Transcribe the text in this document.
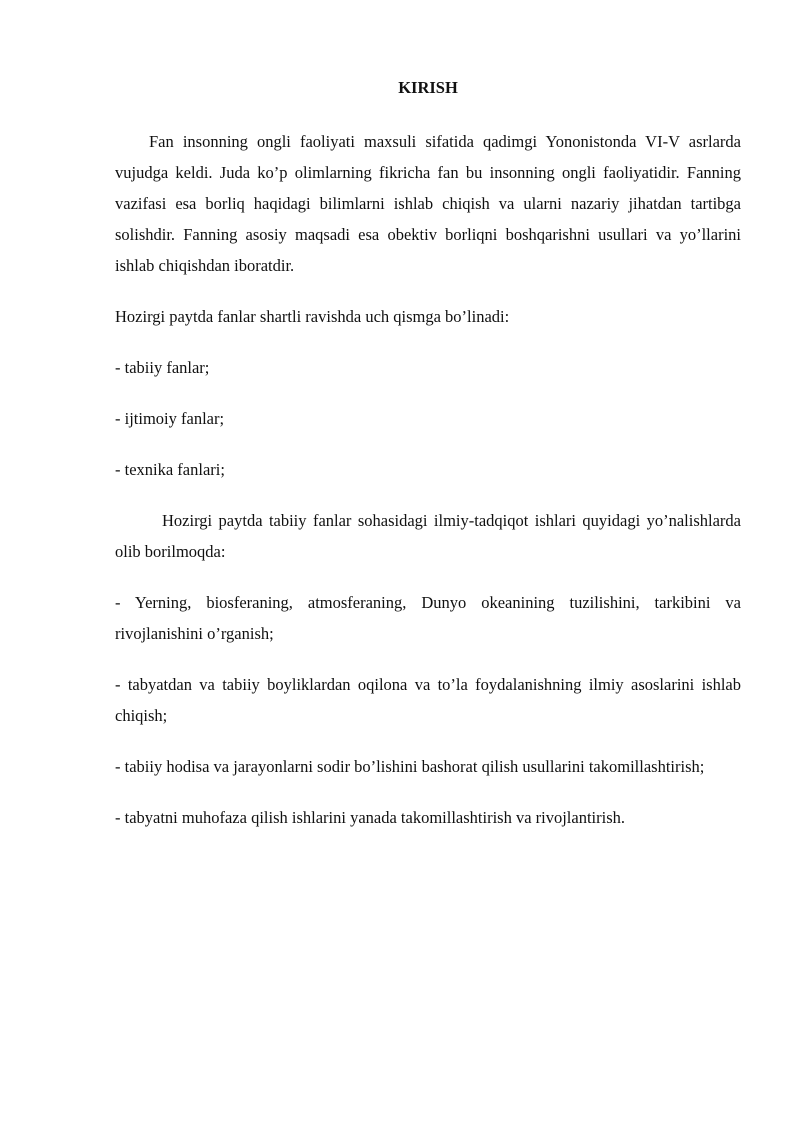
KIRISH

Fan insonning ongli faoliyati maxsuli sifatida qadimgi Yononistonda VI-V asrlarda vujudga keldi. Juda ko’p olimlarning fikricha fan bu insonning ongli faoliyatidir. Fanning vazifasi esa borliq haqidagi bilimlarni ishlab chiqish va ularni nazariy jihatdan tartibga solishdir. Fanning asosiy maqsadi esa obektiv borliqni boshqarishni usullari va yo’llarini ishlab chiqishdan iboratdir.

Hozirgi paytda fanlar shartli ravishda uch qismga bo’linadi:

- tabiiy fanlar;

- ijtimoiy fanlar;

- texnika fanlari;

Hozirgi paytda tabiiy fanlar sohasidagi ilmiy-tadqiqot ishlari quyidagi yo’nalishlarda olib borilmoqda:

- Yerning, biosferaning, atmosferaning, Dunyo okeanining tuzilishini, tarkibini va rivojlanishini o’rganish;

- tabyatdan va tabiiy boyliklardan oqilona va to’la foydalanishning ilmiy asoslarini ishlab chiqish;

- tabiiy hodisa va jarayonlarni sodir bo’lishini bashorat qilish usullarini takomillashtirish;

- tabyatni muhofaza qilish ishlarini yanada takomillashtirish va rivojlantirish.
